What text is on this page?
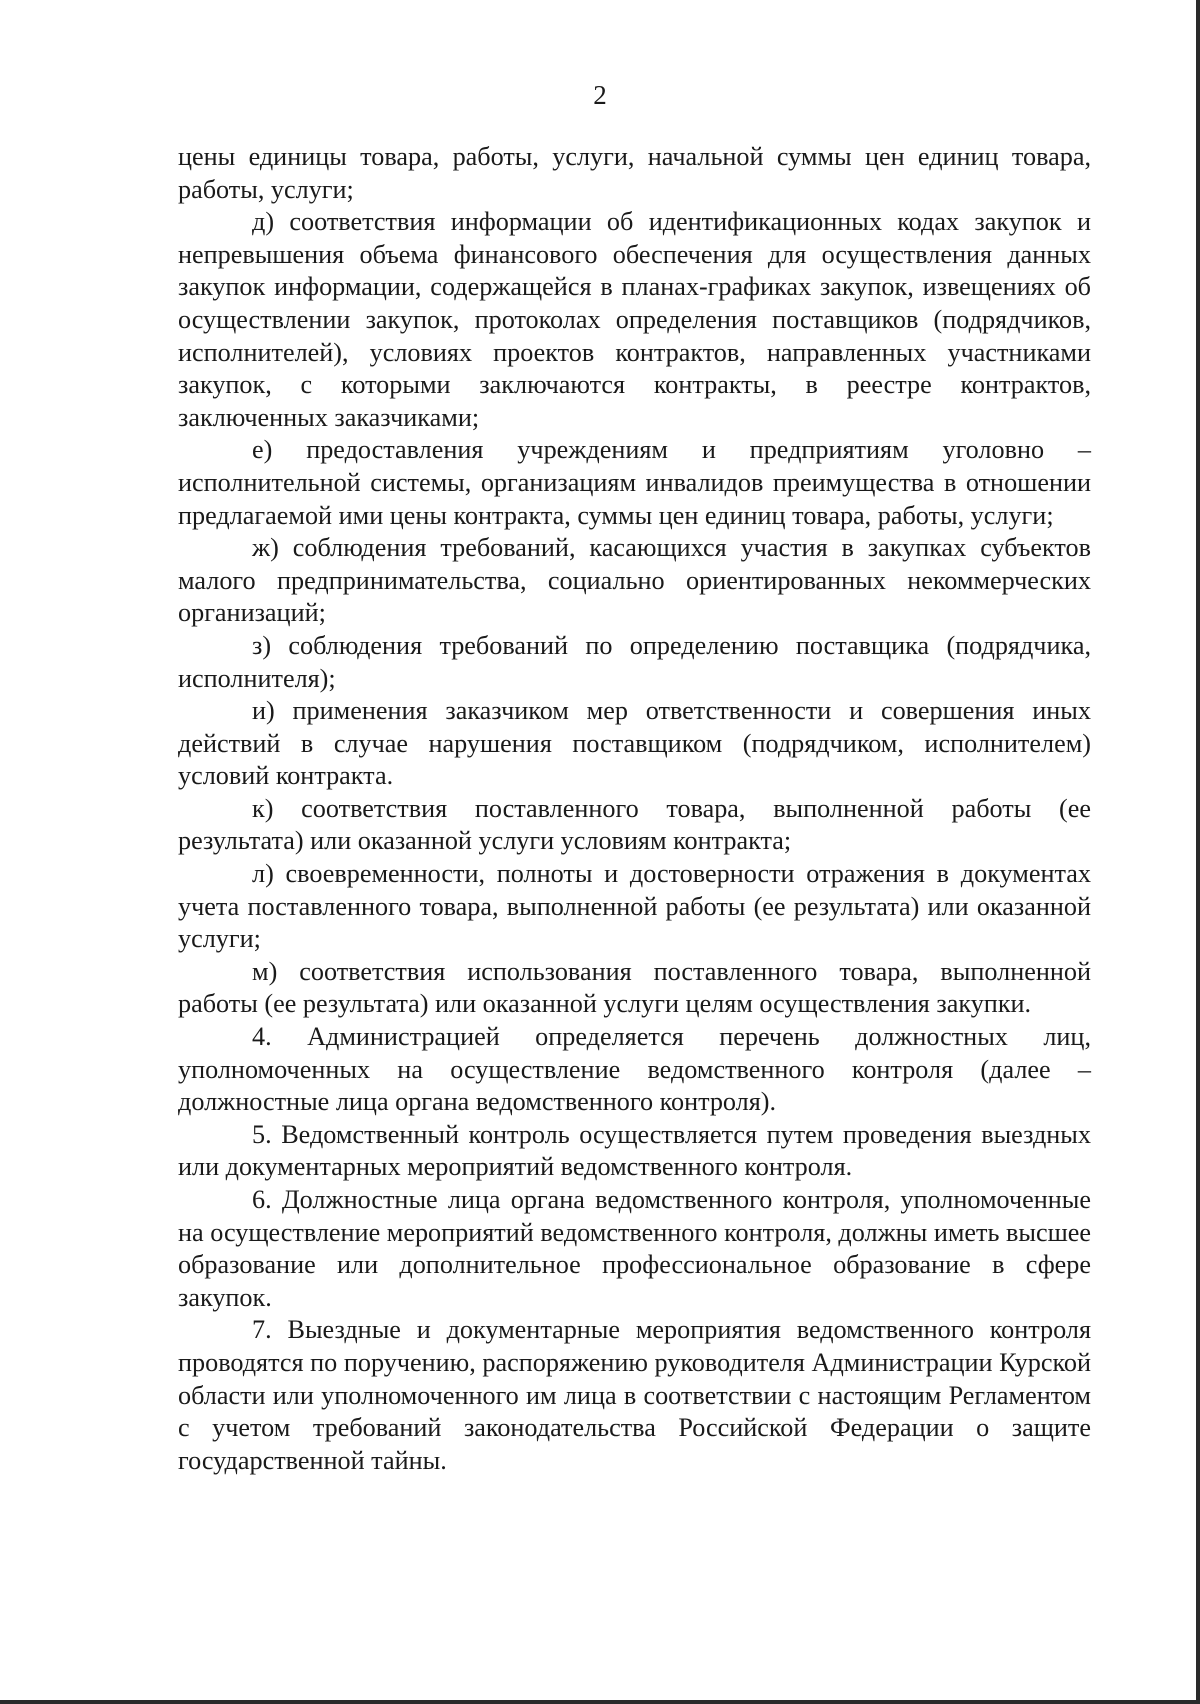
2

цены единицы товара, работы, услуги, начальной суммы цен единиц товара, работы, услуги;

д) соответствия информации об идентификационных кодах закупок и непревышения объема финансового обеспечения для осуществления данных закупок информации, содержащейся в планах-графиках закупок, извещениях об осуществлении закупок, протоколах определения поставщиков (подрядчиков, исполнителей), условиях проектов контрактов, направленных участниками закупок, с которыми заключаются контракты, в реестре контрактов, заключенных заказчиками;

е) предоставления учреждениям и предприятиям уголовно – исполнительной системы, организациям инвалидов преимущества в отношении предлагаемой ими цены контракта, суммы цен единиц товара, работы, услуги;

ж) соблюдения требований, касающихся участия в закупках субъектов малого предпринимательства, социально ориентированных некоммерческих организаций;

з) соблюдения требований по определению поставщика (подрядчика, исполнителя);

и) применения заказчиком мер ответственности и совершения иных действий в случае нарушения поставщиком (подрядчиком, исполнителем) условий контракта.

к) соответствия поставленного товара, выполненной работы (ее результата) или оказанной услуги условиям контракта;

л) своевременности, полноты и достоверности отражения в документах учета поставленного товара, выполненной работы (ее результата) или оказанной услуги;

м) соответствия использования поставленного товара, выполненной работы (ее результата) или оказанной услуги целям осуществления закупки.

4. Администрацией определяется перечень должностных лиц, уполномоченных на осуществление ведомственного контроля (далее – должностные лица органа ведомственного контроля).

5. Ведомственный контроль осуществляется путем проведения выездных или документарных мероприятий ведомственного контроля.

6. Должностные лица органа ведомственного контроля, уполномоченные на осуществление мероприятий ведомственного контроля, должны иметь высшее образование или дополнительное профессиональное образование в сфере закупок.

7. Выездные и документарные мероприятия ведомственного контроля проводятся по поручению, распоряжению руководителя Администрации Курской области или уполномоченного им лица в соответствии с настоящим Регламентом с учетом требований законодательства Российской Федерации о защите государственной тайны.
